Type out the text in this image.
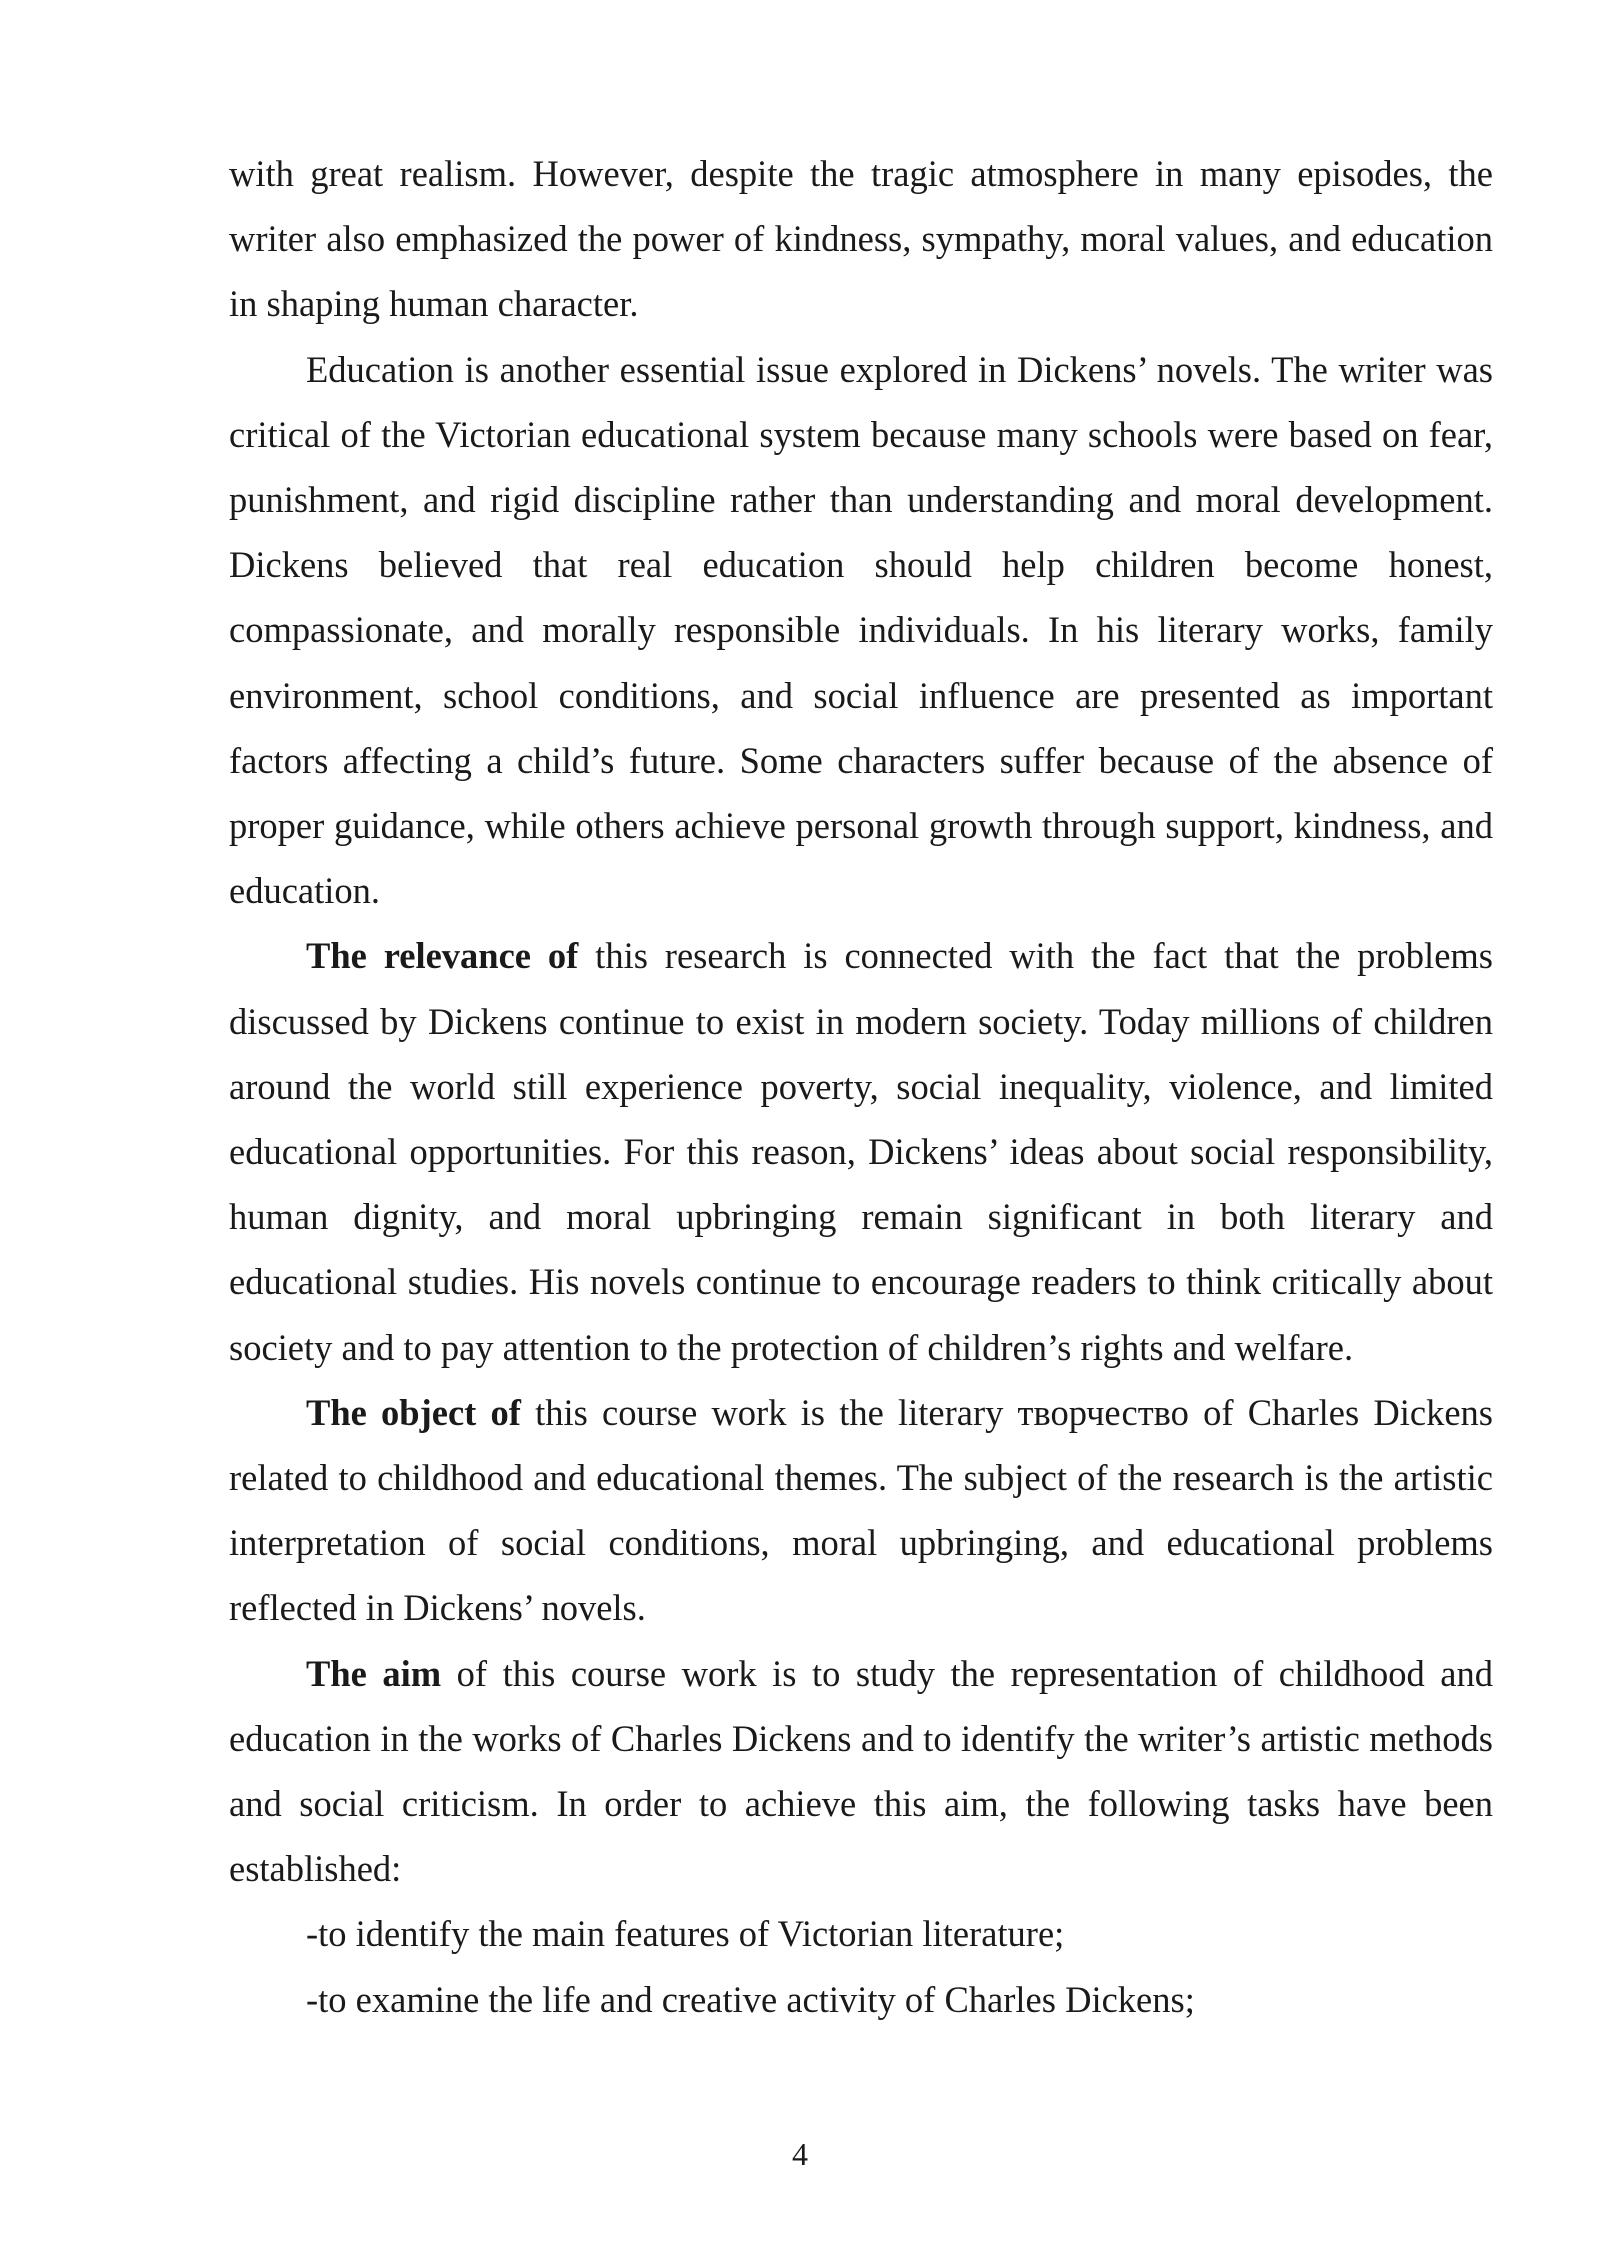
with great realism. However, despite the tragic atmosphere in many episodes, the writer also emphasized the power of kindness, sympathy, moral values, and education in shaping human character.

Education is another essential issue explored in Dickens’ novels. The writer was critical of the Victorian educational system because many schools were based on fear, punishment, and rigid discipline rather than understanding and moral development. Dickens believed that real education should help children become honest, compassionate, and morally responsible individuals. In his literary works, family environment, school conditions, and social influence are presented as important factors affecting a child’s future. Some characters suffer because of the absence of proper guidance, while others achieve personal growth through support, kindness, and education.

The relevance of this research is connected with the fact that the problems discussed by Dickens continue to exist in modern society. Today millions of children around the world still experience poverty, social inequality, violence, and limited educational opportunities. For this reason, Dickens’ ideas about social responsibility, human dignity, and moral upbringing remain significant in both literary and educational studies. His novels continue to encourage readers to think critically about society and to pay attention to the protection of children’s rights and welfare.

The object of this course work is the literary творчество of Charles Dickens related to childhood and educational themes. The subject of the research is the artistic interpretation of social conditions, moral upbringing, and educational problems reflected in Dickens’ novels.

The aim of this course work is to study the representation of childhood and education in the works of Charles Dickens and to identify the writer’s artistic methods and social criticism. In order to achieve this aim, the following tasks have been established:

-to identify the main features of Victorian literature;

-to examine the life and creative activity of Charles Dickens;

4
